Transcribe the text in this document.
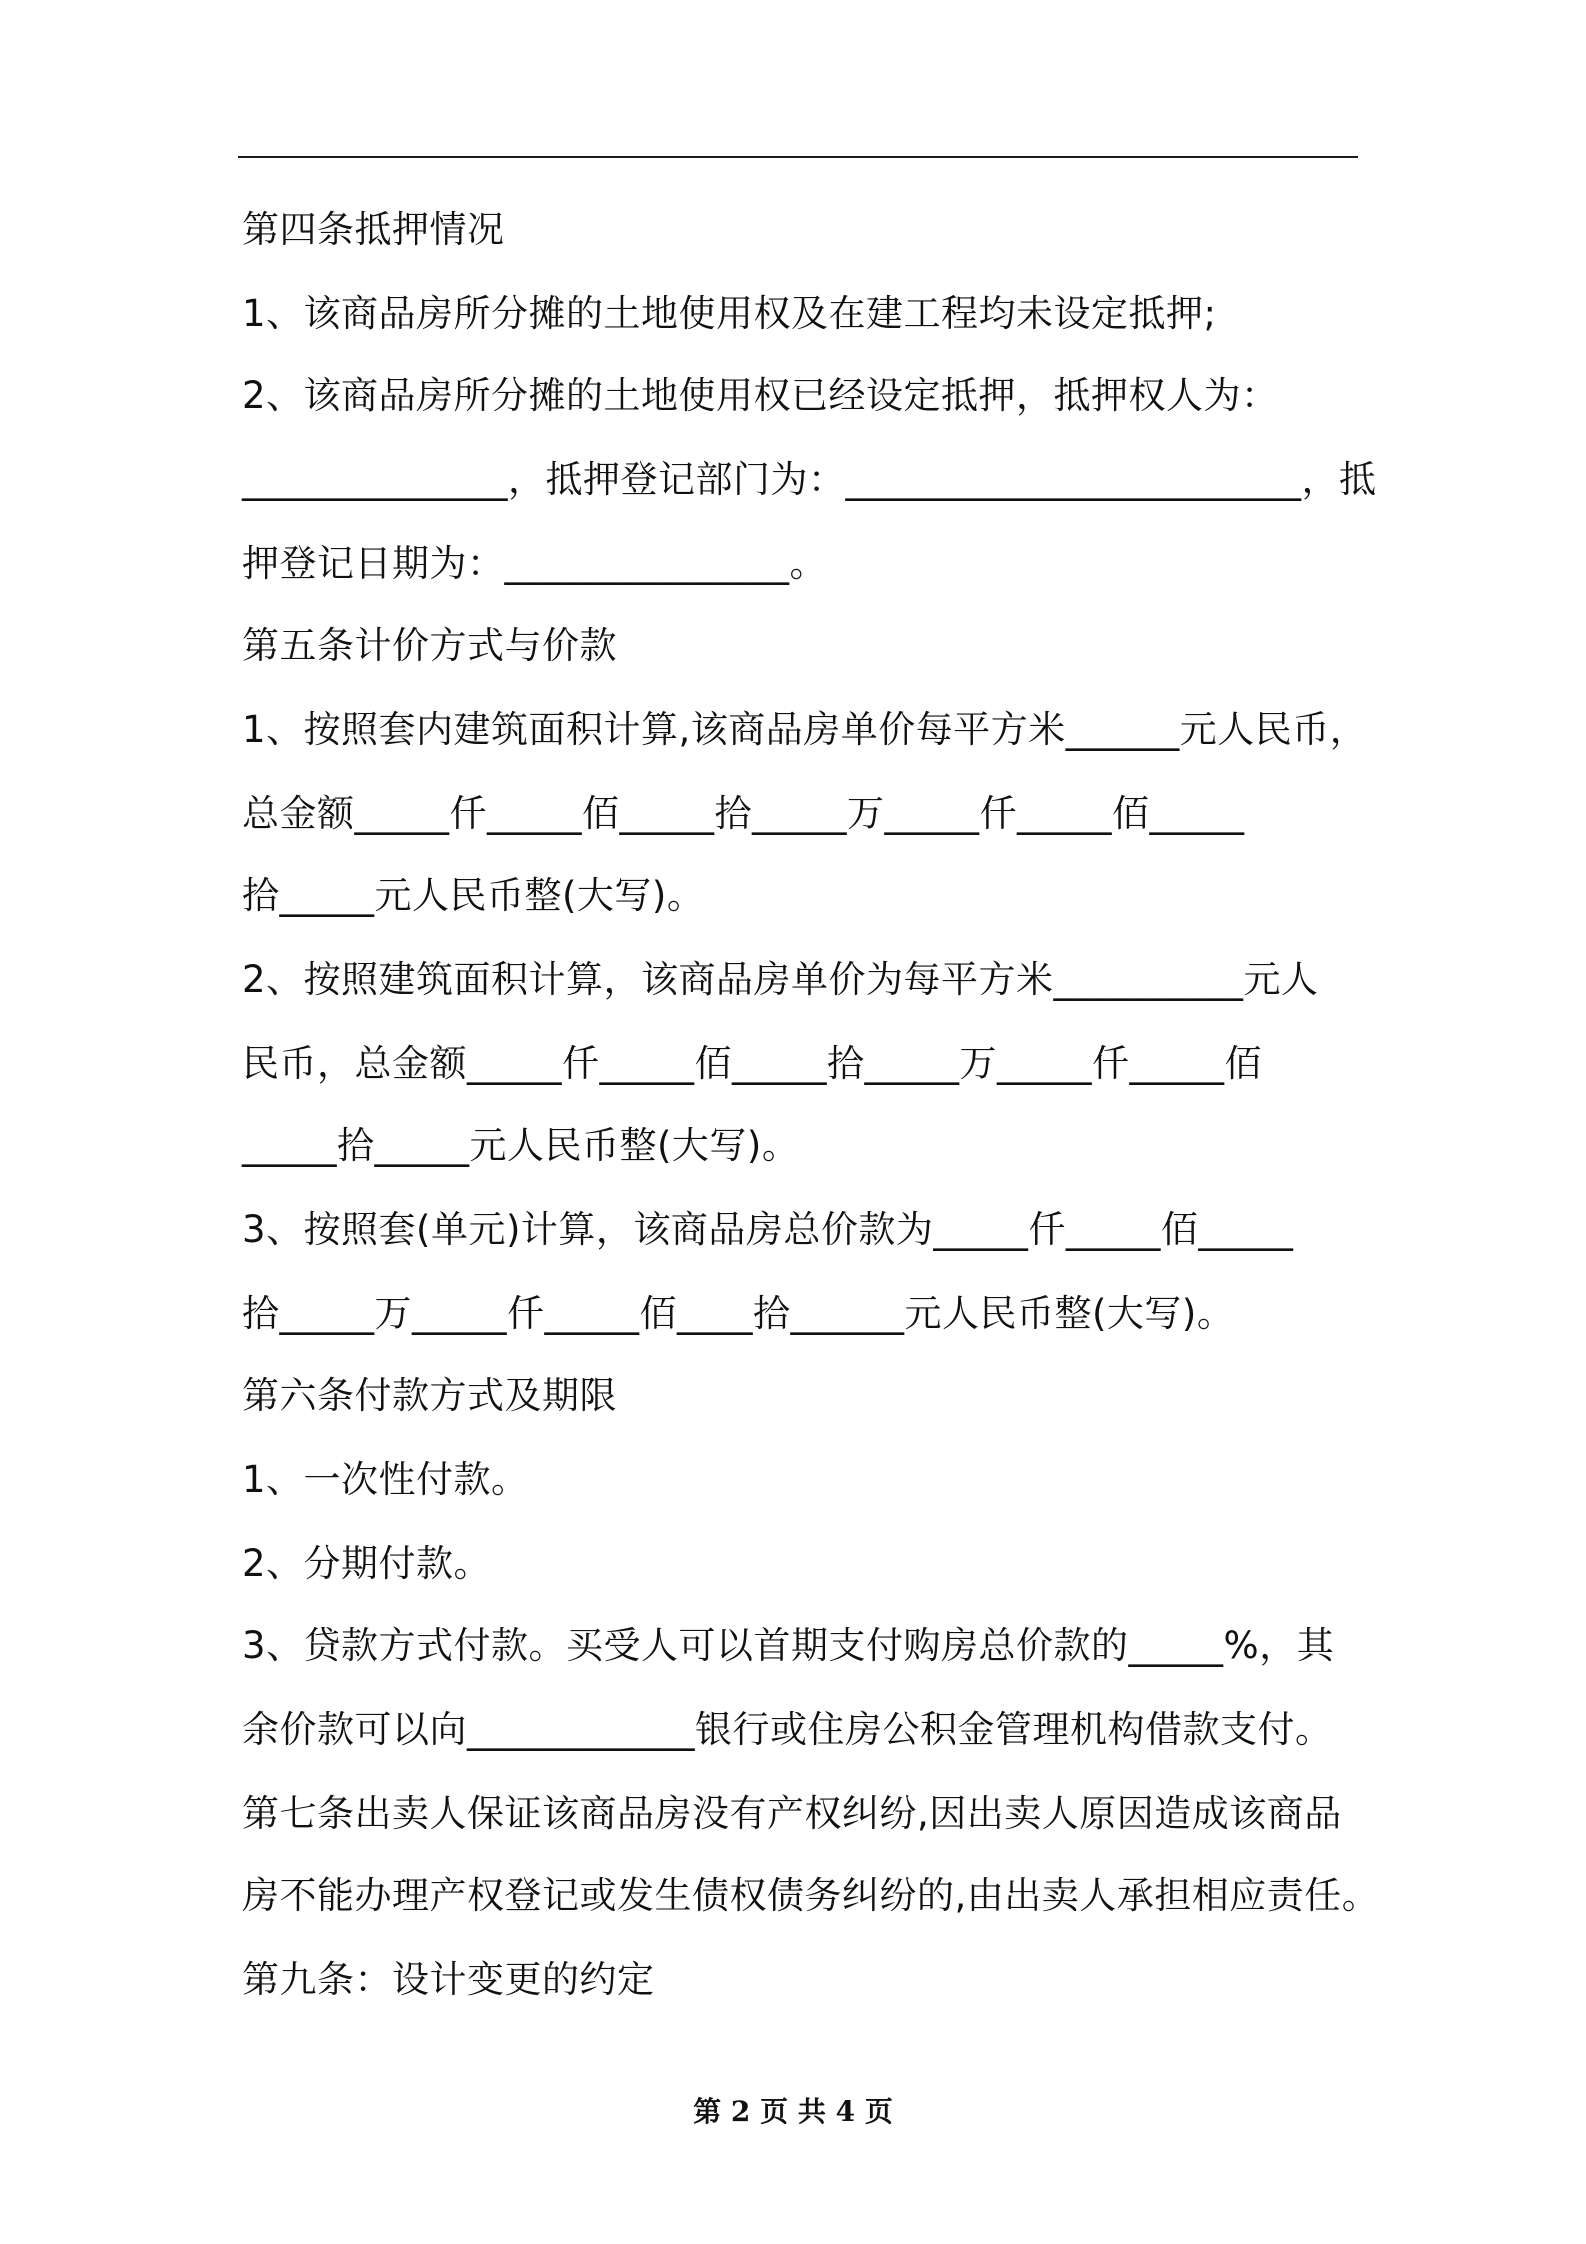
第四条抵押情况
1、该商品房所分摊的土地使用权及在建工程均未设定抵押;
2、该商品房所分摊的土地使用权已经设定抵押，抵押权人为：
______________，抵押登记部门为：________________________，抵
押登记日期为：_______________。
第五条计价方式与价款
1、按照套内建筑面积计算,该商品房单价每平方米______元人民币，
总金额_____仟_____佰_____拾_____万_____仟_____佰_____
拾_____元人民币整(大写)。
2、按照建筑面积计算，该商品房单价为每平方米__________元人
民币，总金额_____仟_____佰_____拾_____万_____仟_____佰
_____拾_____元人民币整(大写)。
3、按照套(单元)计算，该商品房总价款为_____仟_____佰_____
拾_____万_____仟_____佰____拾______元人民币整(大写)。
第六条付款方式及期限
1、一次性付款。
2、分期付款。
3、贷款方式付款。买受人可以首期支付购房总价款的_____%，其
余价款可以向____________银行或住房公积金管理机构借款支付。
第七条出卖人保证该商品房没有产权纠纷,因出卖人原因造成该商品
房不能办理产权登记或发生债权债务纠纷的,由出卖人承担相应责任。
第九条：设计变更的约定
第 2 页 共 4 页
